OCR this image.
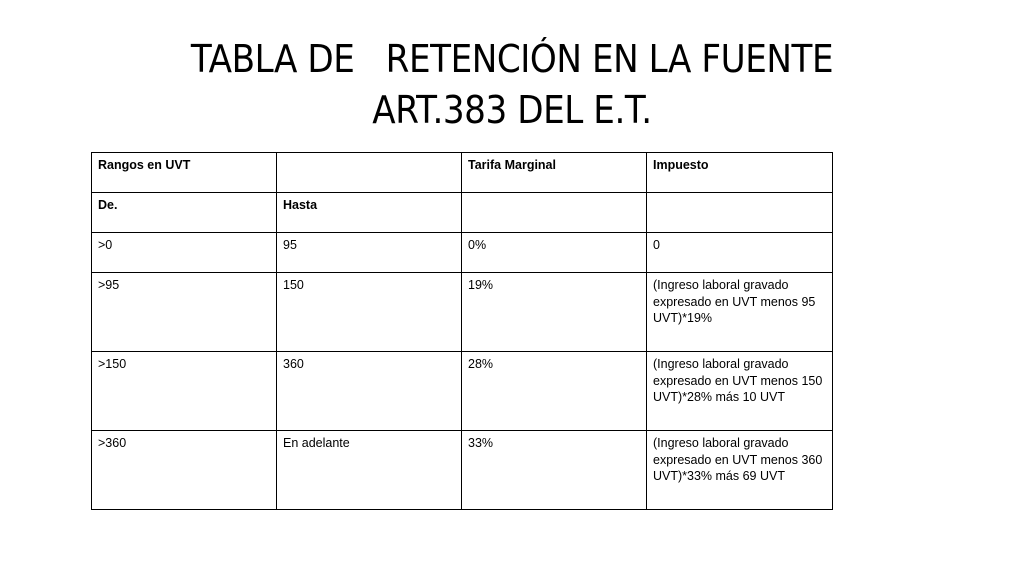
TABLA DE   RETENCIÓN EN LA FUENTE
ART.383 DEL E.T.
Rangos en UVT		Tarifa Marginal	Impuesto
De.	Hasta		
>0	95	0%	0
>95	150	19%	(Ingreso laboral gravado expresado en UVT menos 95 UVT)*19%
>150	360	28%	(Ingreso laboral gravado expresado en UVT menos 150 UVT)*28% más 10 UVT
>360	En adelante	33%	(Ingreso laboral gravado expresado en UVT menos 360 UVT)*33% más 69 UVT
